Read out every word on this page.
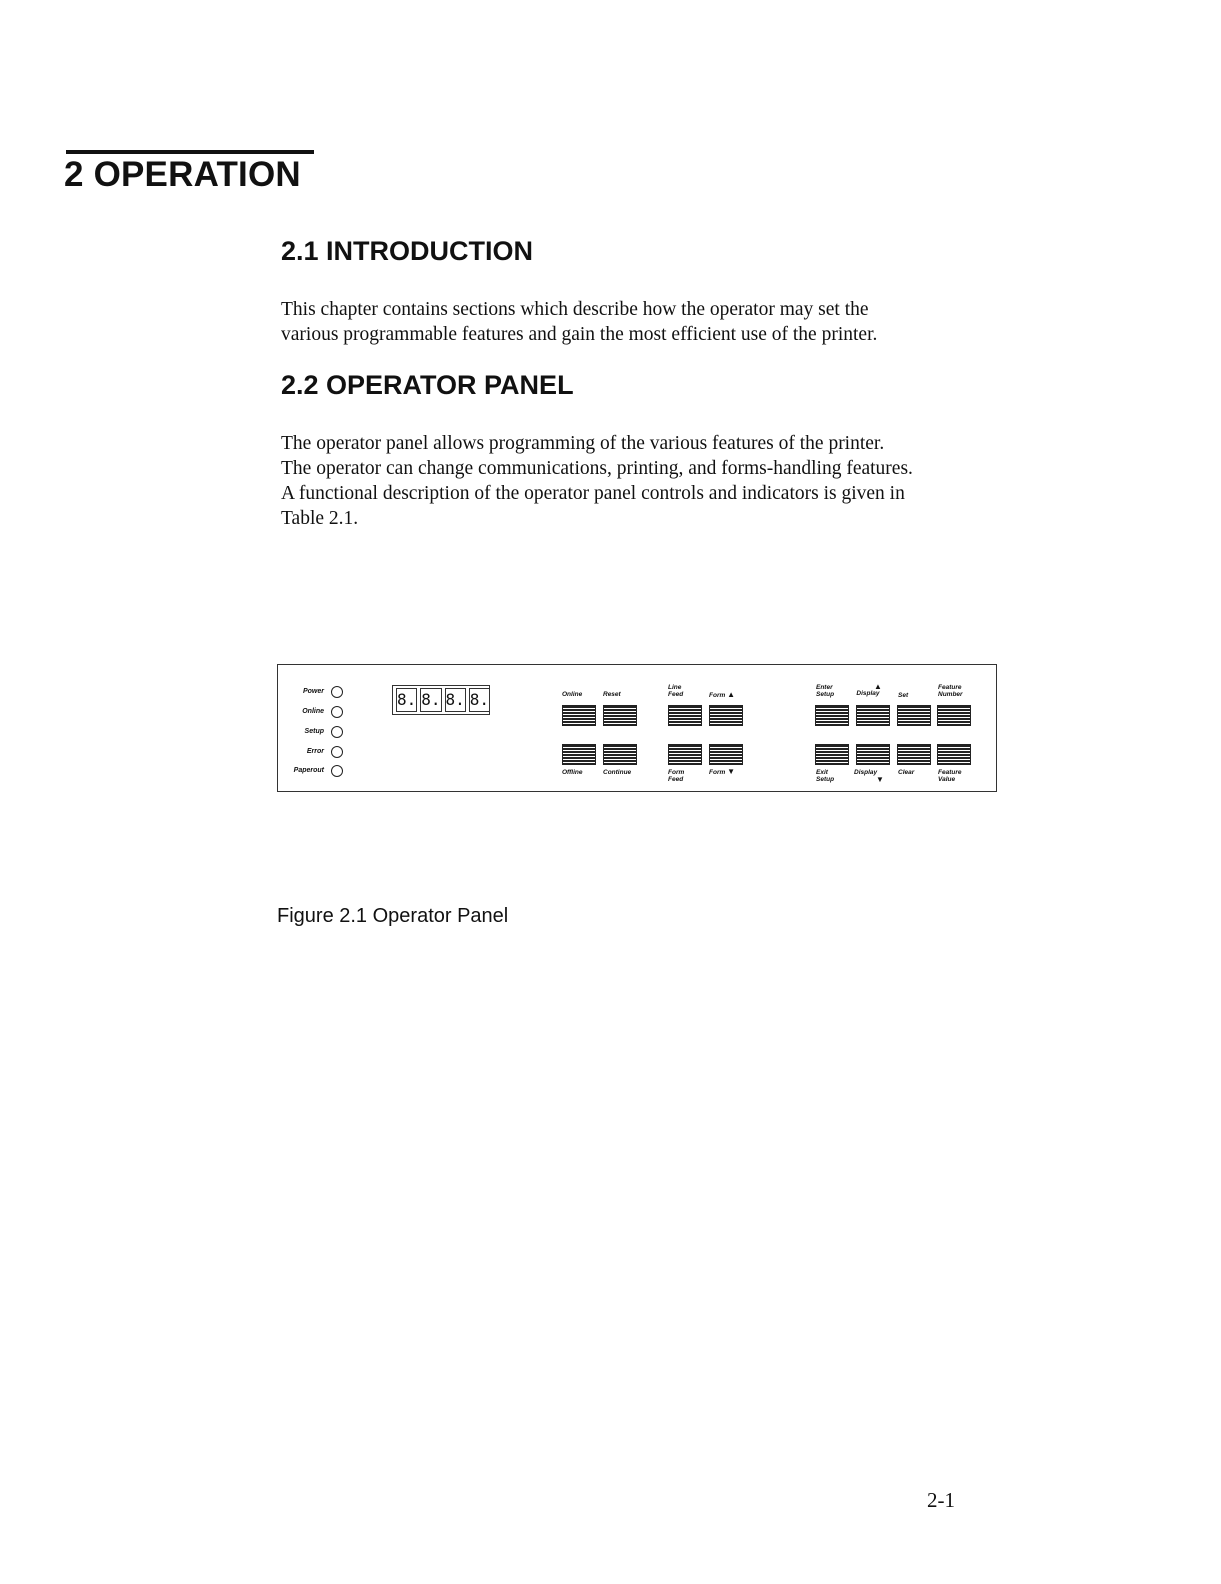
2 OPERATION
2.1 INTRODUCTION
This chapter contains sections which describe how the operator may set the
various programmable features and gain the most efficient use of the printer.
2.2 OPERATOR PANEL
The operator panel allows programming of the various features of the printer.
The operator can change communications, printing, and forms-handling features.
A functional description of the operator panel controls and indicators is given in
Table 2.1.
Power
Online
Setup
Error
Paperout
8. 8. 8. 8.	Online	Reset
Line
Feed	Form ▲
Enter
Setup
▲
Display	Set
Feature
Number
Offline	Continue	Form
Feed
Form ▼	Exit
Setup
Display
▼
Clear	Feature
Value
Figure 2.1 Operator Panel
2-1
